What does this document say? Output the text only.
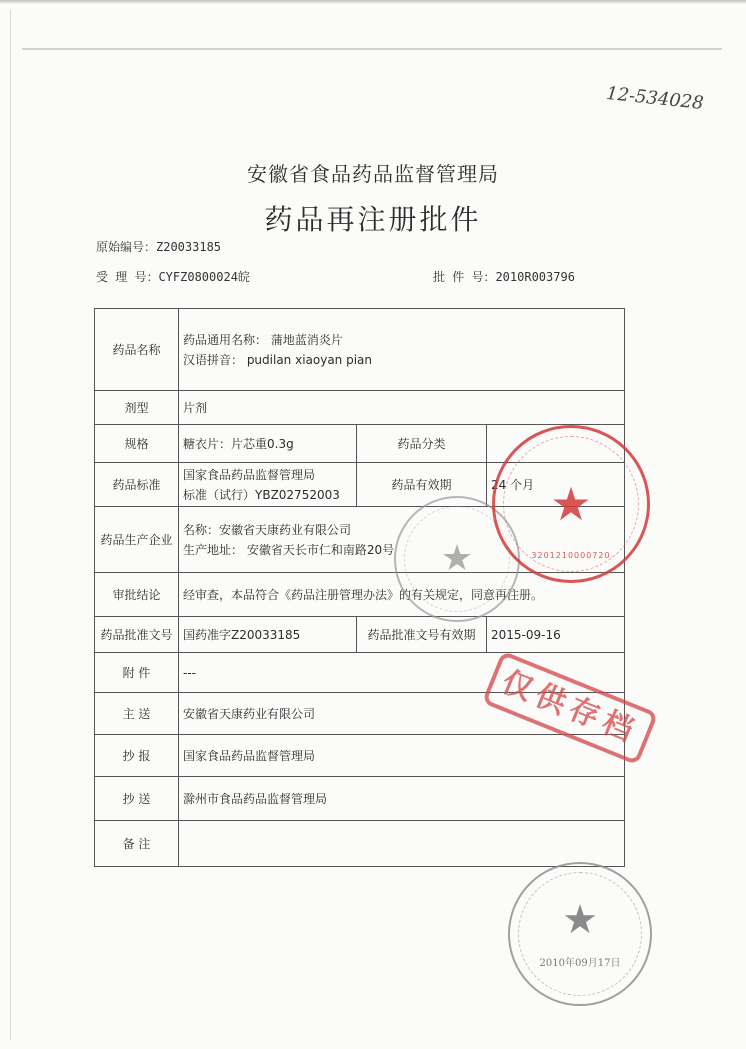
12-534028
安徽省食品药品监督管理局
药品再注册批件
原始编号：Z20033185
受 理 号：CYFZ0800024皖	批 件 号：2010R003796
药品名称	药品通用名称： 蒲地蓝消炎片
汉语拼音： pudilan xiaoyan pian		

剂型	片剂		
规格	糖衣片：片芯重0.3g	药品分类	
药品标准	国家食品药品监督管理局
标准（试行）YBZ02752003	药品有效期	24 个月
药品生产企业	名称：安徽省天康药业有限公司
生产地址： 安徽省天长市仁和南路20号		

审批结论	经审查，本品符合《药品注册管理办法》的有关规定，同意再注册。		
药品批准文号	国药准字Z20033185	药品批准文号有效期	2015-09-16
附 件	---		
主 送	安徽省天康药业有限公司		
抄 报	国家食品药品监督管理局		
抄 送	滁州市食品药品监督管理局		
备 注			
★
★
3201210000720
仅供存档
★
2010年09月17日
